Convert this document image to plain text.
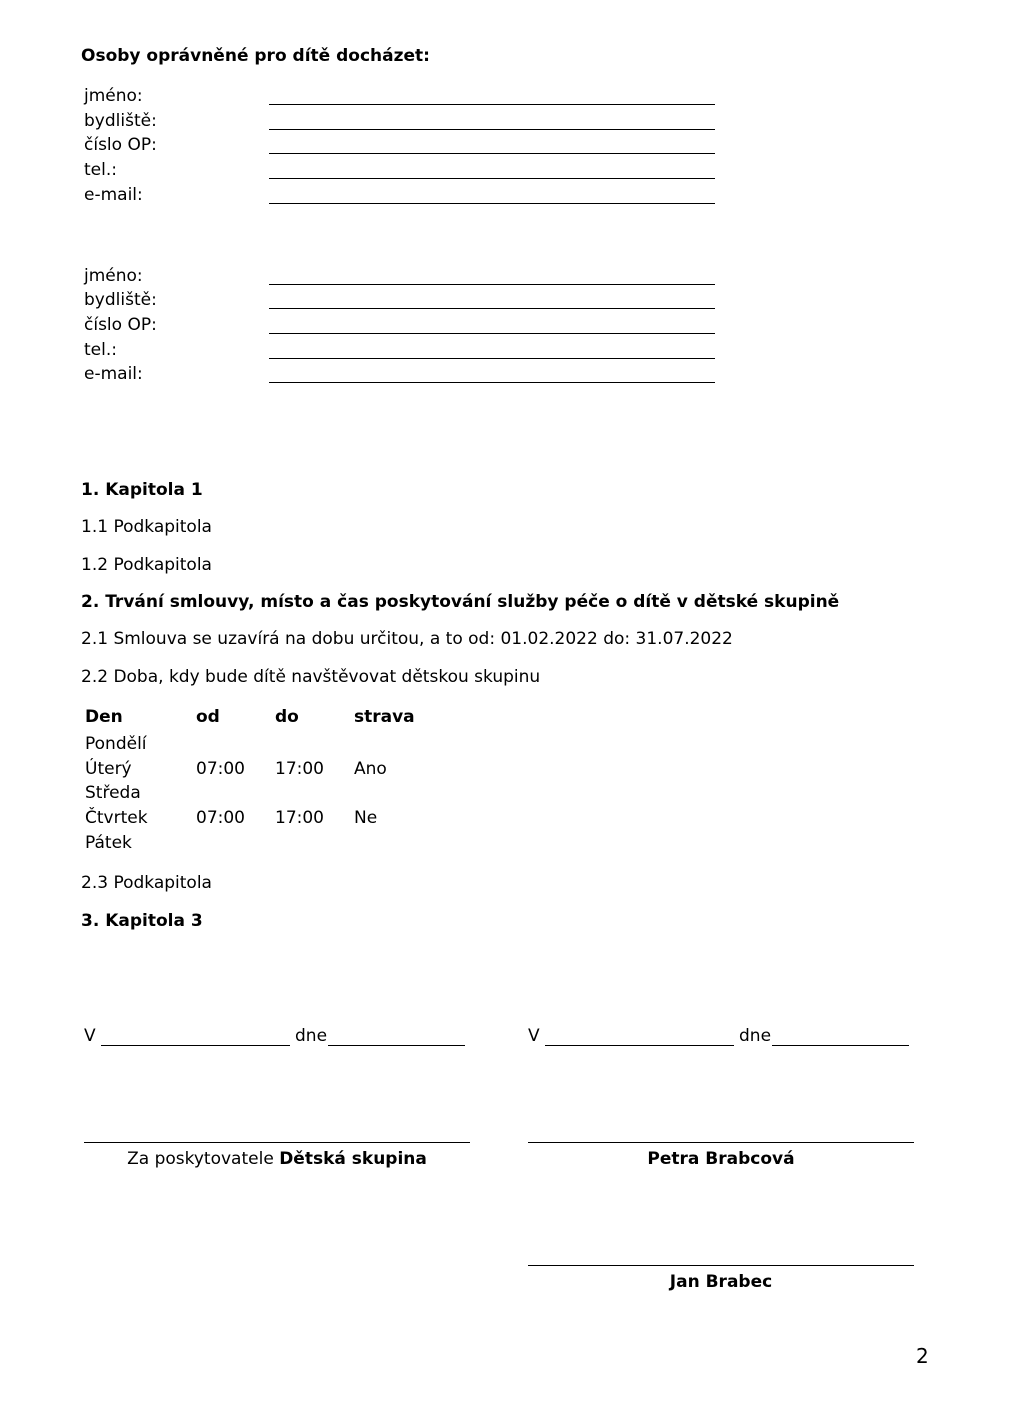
Osoby oprávněné pro dítě docházet:
jméno:
bydliště:
číslo OP:
tel.:
e-mail:
jméno:
bydliště:
číslo OP:
tel.:
e-mail:
1. Kapitola 1
1.1 Podkapitola
1.2 Podkapitola
2. Trvání smlouvy, místo a čas poskytování služby péče o dítě v dětské skupině
2.1 Smlouva se uzavírá na dobu určitou, a to od: 01.02.2022 do: 31.07.2022
2.2 Doba, kdy bude dítě navštěvovat dětskou skupinu
Den	od	do	strava
Pondělí
Úterý	07:00 17:00 Ano
Středa
Čtvrtek	07:00 17:00 Ne
Pátek
2.3 Podkapitola
3. Kapitola 3
V	dne	V	dne
Za poskytovatele Dětská skupina	Petra Brabcová
Jan Brabec
2
